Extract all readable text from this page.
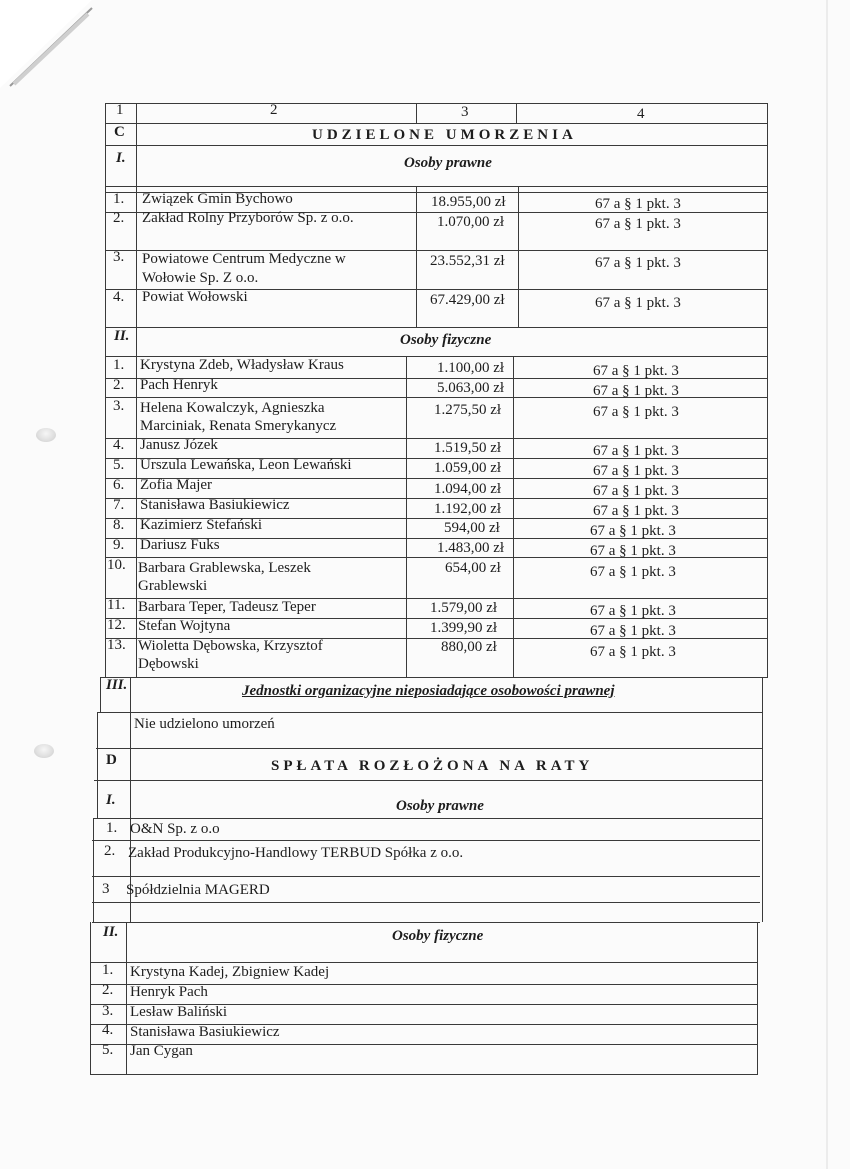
1	2	3	4
C	UDZIELONE UMORZENIA
I.	Osoby prawne
1. Związek Gmin Bychowo	18.955,00 zł	67 a § 1 pkt. 3
2. Zakład Rolny Przyborów Sp. z o.o.	1.070,00 zł	67 a § 1 pkt. 3
3. Powiatowe Centrum Medyczne w
Wołowie Sp. Z o.o.
23.552,31 zł	67 a § 1 pkt. 3
4. Powiat Wołowski	67.429,00 zł	67 a § 1 pkt. 3
II.	Osoby fizyczne
1. Krystyna Zdeb, Władysław Kraus	1.100,00 zł	67 a § 1 pkt. 3
2. Pach Henryk	5.063,00 zł	67 a § 1 pkt. 3
3. Helena Kowalczyk, Agnieszka
Marciniak, Renata Smerykanycz
1.275,50 zł	67 a § 1 pkt. 3
4. Janusz Józek	1.519,50 zł	67 a § 1 pkt. 3
5. Urszula Lewańska, Leon Lewański	1.059,00 zł	67 a § 1 pkt. 3
6. Zofia Majer	1.094,00 zł	67 a § 1 pkt. 3
7. Stanisława Basiukiewicz	1.192,00 zł	67 a § 1 pkt. 3
8. Kazimierz Stefański	594,00 zł	67 a § 1 pkt. 3
9. Dariusz Fuks	1.483,00 zł	67 a § 1 pkt. 3
10. Barbara Grablewska, Leszek
Grablewski
654,00 zł	67 a § 1 pkt. 3
11. Barbara Teper, Tadeusz Teper	1.579,00 zł	67 a § 1 pkt. 3
12. Stefan Wojtyna	1.399,90 zł	67 a § 1 pkt. 3
13. Wioletta Dębowska, Krzysztof
Dębowski
880,00 zł	67 a § 1 pkt. 3
III.	Jednostki organizacyjne nieposiadające osobowości prawnej
Nie udzielono umorzeń
D	SPŁATA ROZŁOŻONA NA RATY
I.	Osoby prawne
1. O&N Sp. z o.o
2. Zakład Produkcyjno-Handlowy TERBUD Spółka z o.o.
3 Spółdzielnia MAGERD
II.	Osoby fizyczne
1. Krystyna Kadej, Zbigniew Kadej
2. Henryk Pach
3. Lesław Baliński
4. Stanisława Basiukiewicz
5. Jan Cygan
